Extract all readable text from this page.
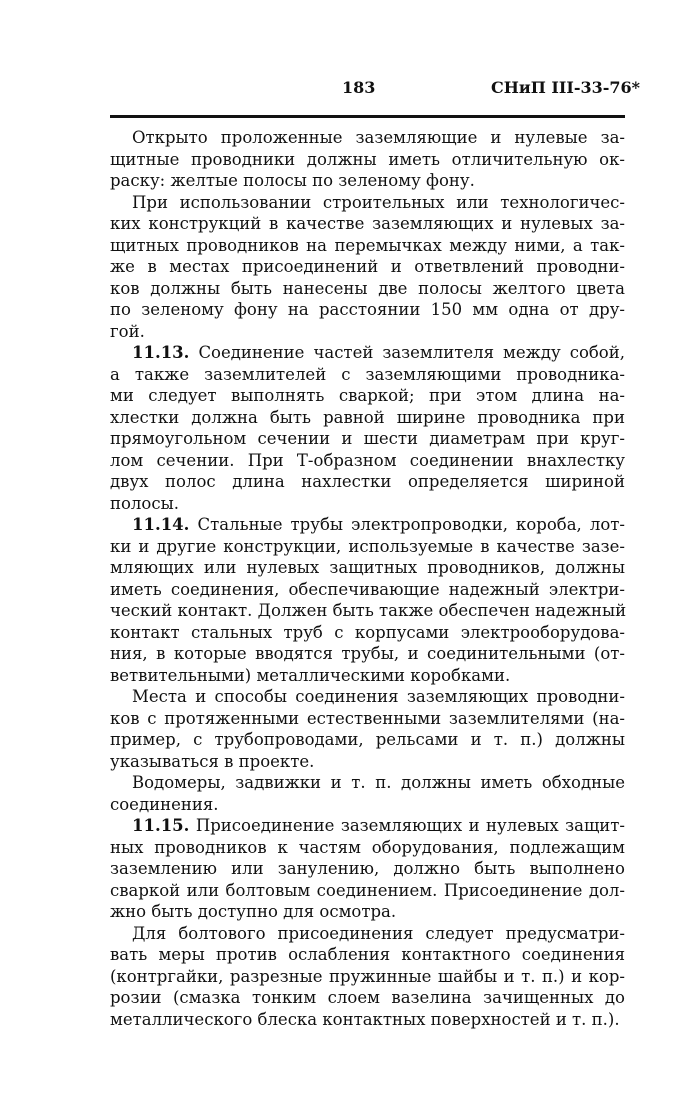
183	СНиП III-33-76*
Открыто проложенные заземляющие и нулевые за-
щитные проводники должны иметь отличительную ок-
раску: желтые полосы по зеленому фону.
При использовании строительных или технологичес-
ких конструкций в качестве заземляющих и нулевых за-
щитных проводников на перемычках между ними, а так-
же в местах присоединений и ответвлений проводни-
ков должны быть нанесены две полосы желтого цвета
по зеленому фону на расстоянии 150 мм одна от дру-
гой.
11.13. Соединение частей заземлителя между собой,
а также заземлителей с заземляющими проводника-
ми следует выполнять сваркой; при этом длина на-
хлестки должна быть равной ширине проводника при
прямоугольном сечении и шести диаметрам при круг-
лом сечении. При Т-образном соединении внахлестку
двух полос длина нахлестки определяется шириной
полосы.
11.14. Стальные трубы электропроводки, короба, лот-
ки и другие конструкции, используемые в качестве зазе-
мляющих или нулевых защитных проводников, должны
иметь соединения, обеспечивающие надежный электри-
ческий контакт. Должен быть также обеспечен надежный
контакт стальных труб с корпусами электрооборудова-
ния, в которые вводятся трубы, и соединительными (от-
ветвительными) металлическими коробками.
Места и способы соединения заземляющих проводни-
ков с протяженными естественными заземлителями (на-
пример, с трубопроводами, рельсами и т. п.) должны
указываться в проекте.
Водомеры, задвижки и т. п. должны иметь обходные
соединения.
11.15. Присоединение заземляющих и нулевых защит-
ных проводников к частям оборудования, подлежащим
заземлению или занулению, должно быть выполнено
сваркой или болтовым соединением. Присоединение дол-
жно быть доступно для осмотра.
Для болтового присоединения следует предусматри-
вать меры против ослабления контактного соединения
(контргайки, разрезные пружинные шайбы и т. п.) и кор-
розии (смазка тонким слоем вазелина зачищенных до
металлического блеска контактных поверхностей и т. п.).
